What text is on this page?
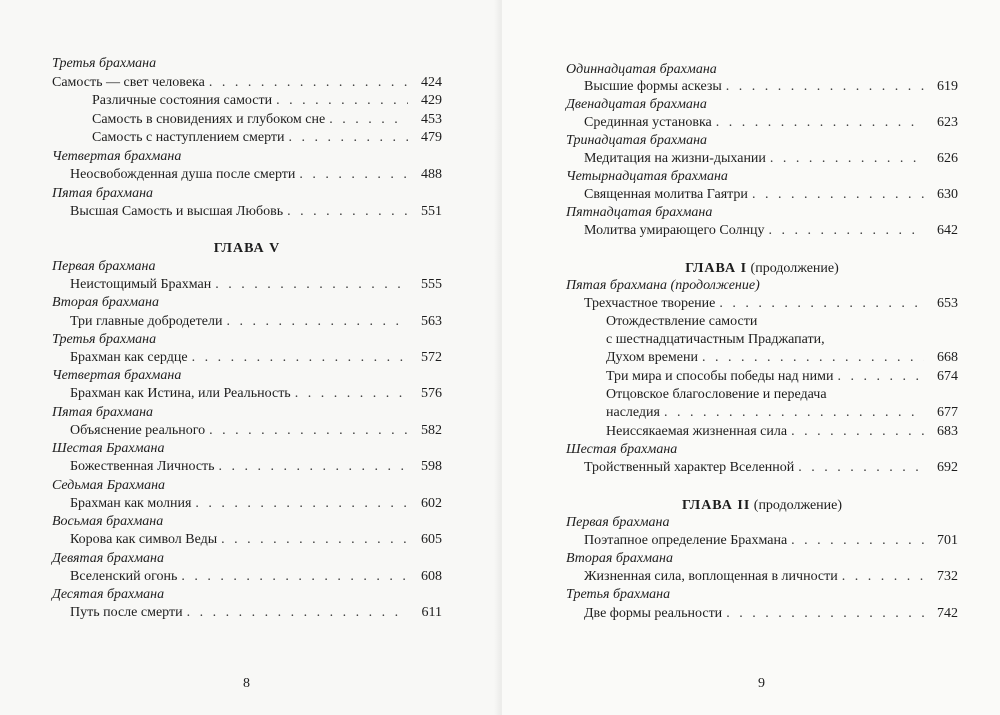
Третья брахмана
Самость — свет человека . . .	424
Различные состояния самости . . .	429
Самость в сновидениях и глубоком сне . . .	453
Самость с наступлением смерти . . .	479
Четвертая брахмана
Неосвобожденная душа после смерти . . .	488
Пятая брахмана
Высшая Самость и высшая Любовь . . .	551
ГЛАВА V
Первая брахмана
Неистощимый Брахман . . .	555
Вторая брахмана
Три главные добродетели . . .	563
Третья брахмана
Брахман как сердце . . .	572
Четвертая брахмана
Брахман как Истина, или Реальность . . .	576
Пятая брахмана
Объяснение реального . . .	582
Шестая Брахмана
Божественная Личность . . .	598
Седьмая Брахмана
Брахман как молния . . .	602
Восьмая брахмана
Корова как символ Веды . . .	605
Девятая брахмана
Вселенский огонь . . .	608
Десятая брахмана
Путь после смерти . . .	611
8
Одиннадцатая брахмана
Высшие формы аскезы . . .	619
Двенадцатая брахмана
Срединная установка . . .	623
Тринадцатая брахмана
Медитация на жизни-дыхании . . .	626
Четырнадцатая брахмана
Священная молитва Гаятри . . .	630
Пятнадцатая брахмана
Молитва умирающего Солнцу . . .	642
ГЛАВА I (продолжение)
Пятая брахмана (продолжение)
Трехчастное творение . . .	653
Отождествление самости
с шестнадцатичастным Праджапати,
Духом времени . . .	668
Три мира и способы победы над ними . . .	674
Отцовское благословение и передача
наследия . . .	677
Неиссякаемая жизненная сила . . .	683
Шестая брахмана
Тройственный характер Вселенной . . .	692
ГЛАВА II (продолжение)
Первая брахмана
Поэтапное определение Брахмана . . .	701
Вторая брахмана
Жизненная сила, воплощенная в личности . . .	732
Третья брахмана
Две формы реальности . . .	742
9
